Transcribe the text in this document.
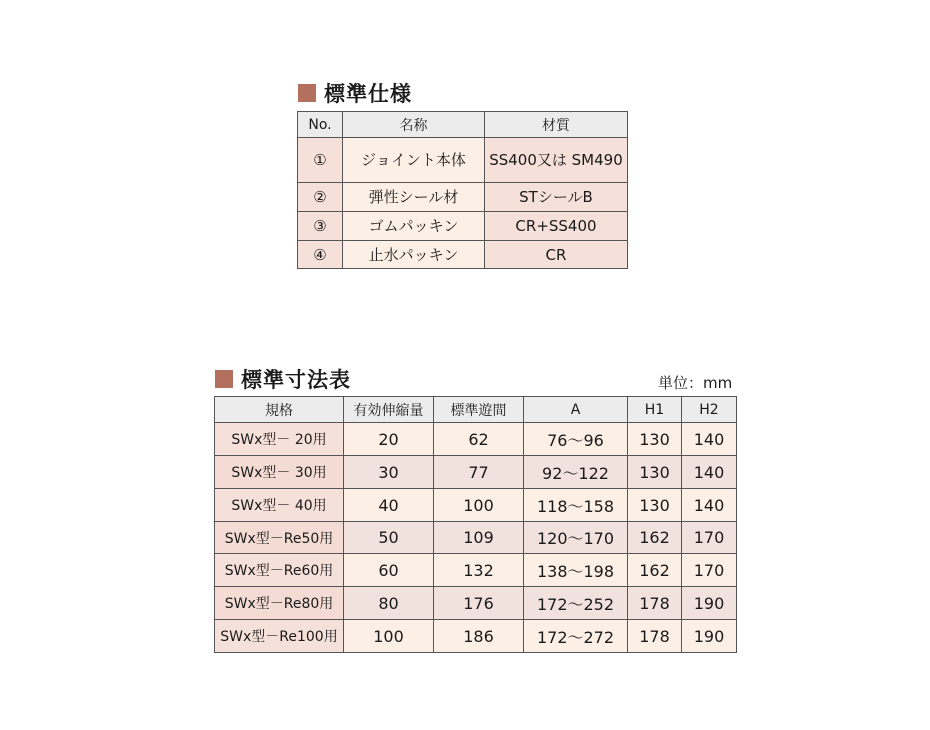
標準仕様
No.	名称	材質
①	ジョイント本体	SS400又は SM490
②	弾性シール材	STシールB
③	ゴムパッキン	CR+SS400
④	止水パッキン	CR
標準寸法表	単位：mm
規格	有効伸縮量	標準遊間	A	H1	H2
SWx型－ 20用	20	62	76～96	130	140
SWx型－ 30用	30	77	92～122	130	140
SWx型－ 40用	40	100	118～158	130	140
SWx型－Re50用	50	109	120～170	162	170
SWx型－Re60用	60	132	138～198	162	170
SWx型－Re80用	80	176	172～252	178	190
SWx型－Re100用	100	186	172～272	178	190
